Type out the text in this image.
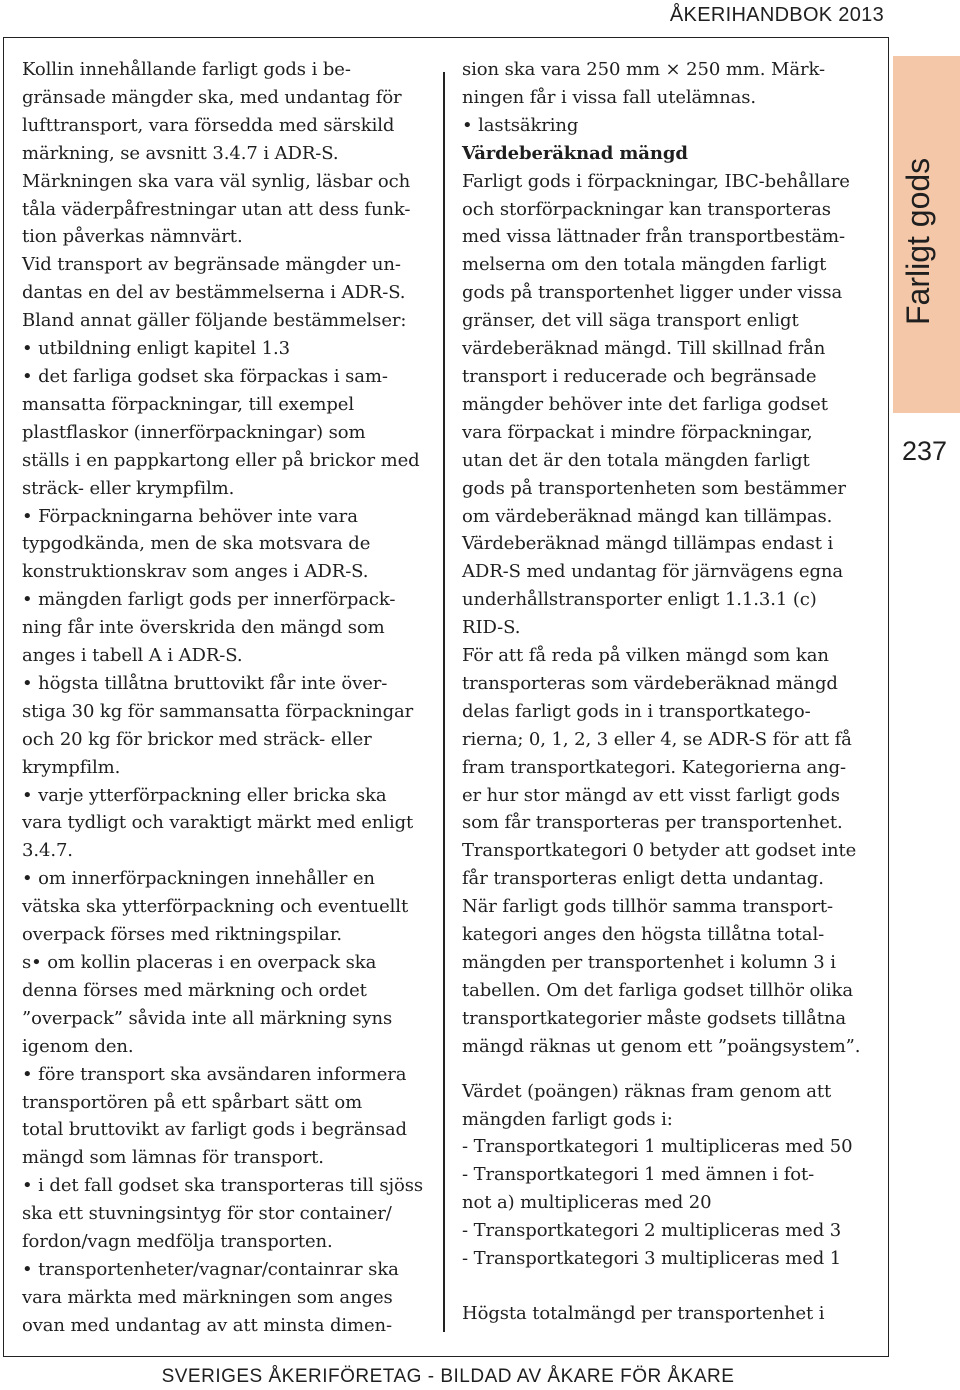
ÅKERIHANDBOK 2013

Kollin innehållande farligt gods i be-

gränsade mängder ska, med undantag för

lufttransport, vara försedda med särskild

märkning, se avsnitt 3.4.7 i ADR-S.

Märkningen ska vara väl synlig, läsbar och

tåla väderpåfrestningar utan att dess funk-

tion påverkas nämnvärt.

Vid transport av begränsade mängder un-

dantas en del av bestämmelserna i ADR-S.

Bland annat gäller följande bestämmelser:

• utbildning enligt kapitel 1.3

• det farliga godset ska förpackas i sam-

mansatta förpackningar, till exempel

plastflaskor (innerförpackningar) som

ställs i en pappkartong eller på brickor med

sträck- eller krympfilm.

• Förpackningarna behöver inte vara

typgodkända, men de ska motsvara de

konstruktionskrav som anges i ADR-S.

• mängden farligt gods per innerförpack-

ning får inte överskrida den mängd som

anges i tabell A i ADR-S.

• högsta tillåtna bruttovikt får inte över-

stiga 30 kg för sammansatta förpackningar

och 20 kg för brickor med sträck- eller

krympfilm.

• varje ytterförpackning eller bricka ska

vara tydligt och varaktigt märkt med enligt

3.4.7.

• om innerförpackningen innehåller en

vätska ska ytterförpackning och eventuellt

overpack förses med riktningspilar.

s• om kollin placeras i en overpack ska

denna förses med märkning och ordet

”overpack” såvida inte all märkning syns

igenom den.

• före transport ska avsändaren informera

transportören på ett spårbart sätt om

total bruttovikt av farligt gods i begränsad

mängd som lämnas för transport.

• i det fall godset ska transporteras till sjöss

ska ett stuvningsintyg för stor container/

fordon/vagn medfölja transporten.

• transportenheter/vagnar/containrar ska

vara märkta med märkningen som anges

ovan med undantag av att minsta dimen-

sion ska vara 250 mm × 250 mm. Märk-

ningen får i vissa fall utelämnas.

• lastsäkring

Värdeberäknad mängd

Farligt gods i förpackningar, IBC-behållare

och storförpackningar kan transporteras

med vissa lättnader från transportbestäm-

melserna om den totala mängden farligt

gods på transportenhet ligger under vissa

gränser, det vill säga transport enligt

värdeberäknad mängd. Till skillnad från

transport i reducerade och begränsade

mängder behöver inte det farliga godset

vara förpackat i mindre förpackningar,

utan det är den totala mängden farligt

gods på transportenheten som bestämmer

om värdeberäknad mängd kan tillämpas.

Värdeberäknad mängd tillämpas endast i

ADR-S med undantag för järnvägens egna

underhållstransporter enligt 1.1.3.1 (c)

RID-S.

För att få reda på vilken mängd som kan

transporteras som värdeberäknad mängd

delas farligt gods in i transportkatego-

rierna; 0, 1, 2, 3 eller 4, se ADR-S för att få

fram transportkategori. Kategorierna ang-

er hur stor mängd av ett visst farligt gods

som får transporteras per transportenhet.

Transportkategori 0 betyder att godset inte

får transporteras enligt detta undantag.

När farligt gods tillhör samma transport-

kategori anges den högsta tillåtna total-

mängden per transportenhet i kolumn 3 i

tabellen. Om det farliga godset tillhör olika

transportkategorier måste godsets tillåtna

mängd räknas ut genom ett ”poängsystem”.

Värdet (poängen) räknas fram genom att

mängden farligt gods i:

- Transportkategori 1 multipliceras med 50

- Transportkategori 1 med ämnen i fot-

not a) multipliceras med 20

- Transportkategori 2 multipliceras med 3

- Transportkategori 3 multipliceras med 1

Högsta totalmängd per transportenhet i

Farligt gods
237
SVERIGES ÅKERIFÖRETAG - BILDAD AV ÅKARE FÖR ÅKARE
